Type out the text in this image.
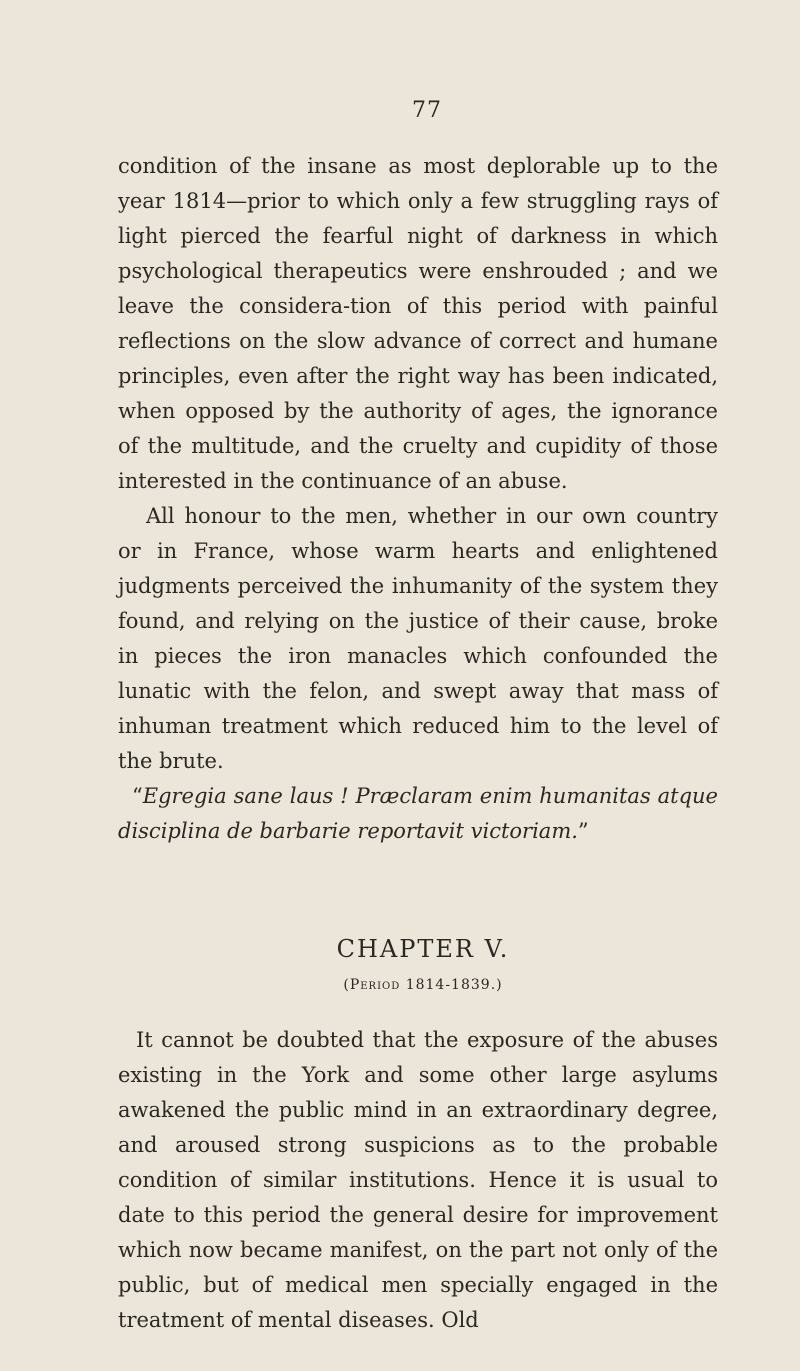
77

condition of the insane as most deplorable up to the year 1814—prior to which only a few struggling rays of light pierced the fearful night of darkness in which psychological therapeutics were enshrouded ; and we leave the considera-tion of this period with painful reflections on the slow advance of correct and humane principles, even after the right way has been indicated, when opposed by the authority of ages, the ignorance of the multitude, and the cruelty and cupidity of those interested in the continuance of an abuse.

All honour to the men, whether in our own country or in France, whose warm hearts and enlightened judgments perceived the inhumanity of the system they found, and relying on the justice of their cause, broke in pieces the iron manacles which confounded the lunatic with the felon, and swept away that mass of inhuman treatment which reduced him to the level of the brute.

“Egregia sane laus ! Præclaram enim humanitas atque disciplina de barbarie reportavit victoriam.”

CHAPTER V.
(Period 1814-1839.)

It cannot be doubted that the exposure of the abuses existing in the York and some other large asylums awakened the public mind in an extraordinary degree, and aroused strong suspicions as to the probable condition of similar institutions. Hence it is usual to date to this period the general desire for improvement which now became manifest, on the part not only of the public, but of medical men specially engaged in the treatment of mental diseases. Old
